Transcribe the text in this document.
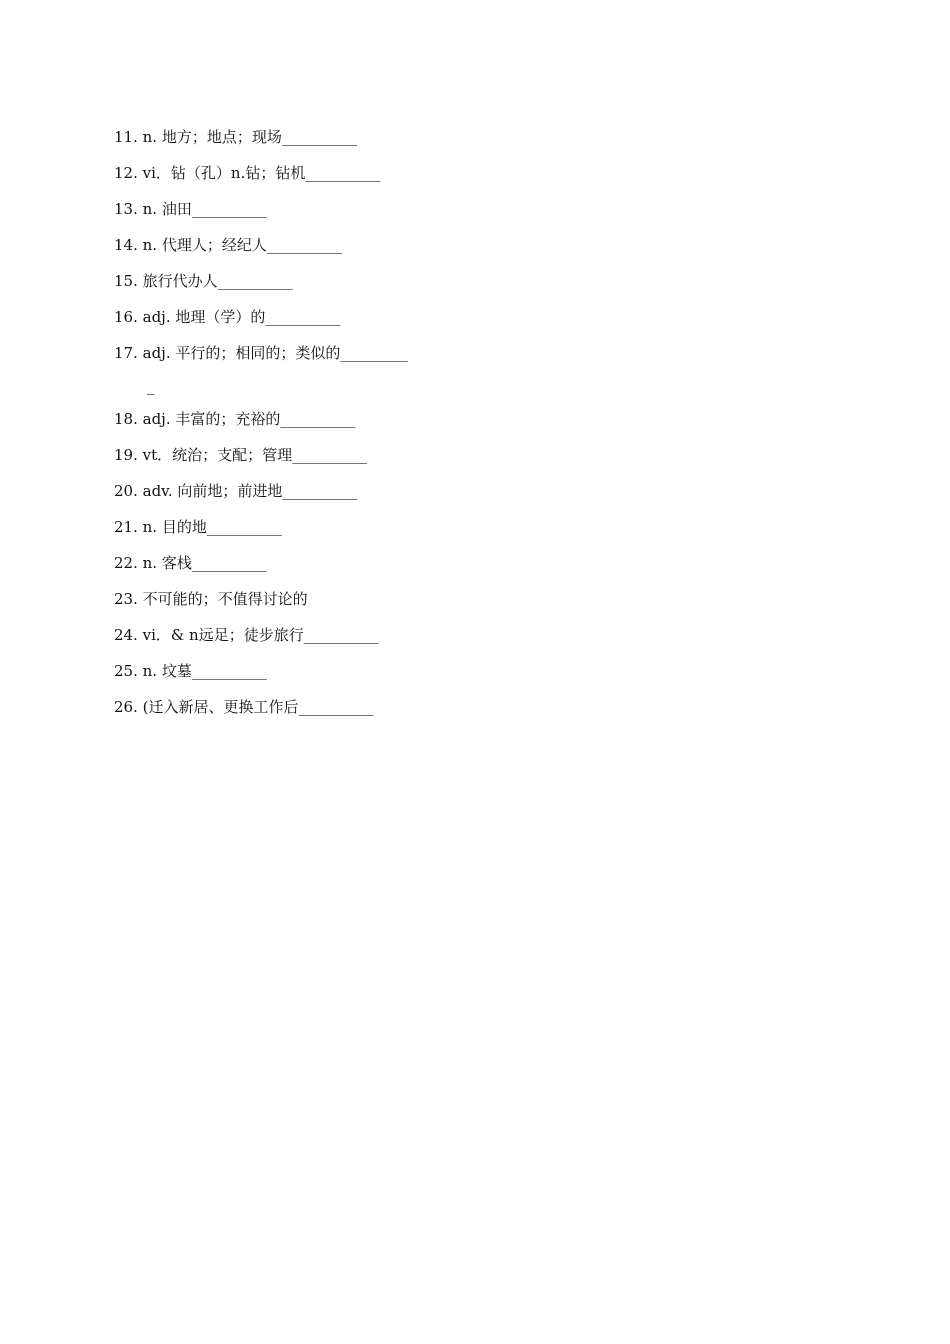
11. n. 地方；地点；现场__________
12. vi．钻（孔）n.钻；钻机__________
13. n. 油田__________
14. n. 代理人；经纪人__________
15. 旅行代办人__________
16. adj. 地理（学）的__________
17. adj. 平行的；相同的；类似的_________
_
18. adj. 丰富的；充裕的__________
19. vt．统治；支配；管理__________
20. adv. 向前地；前进地__________
21. n. 目的地__________
22. n. 客栈__________
23. 不可能的；不值得讨论的
24. vi．& n远足；徒步旅行__________
25. n. 坟墓__________
26. (迁入新居、更换工作后__________
